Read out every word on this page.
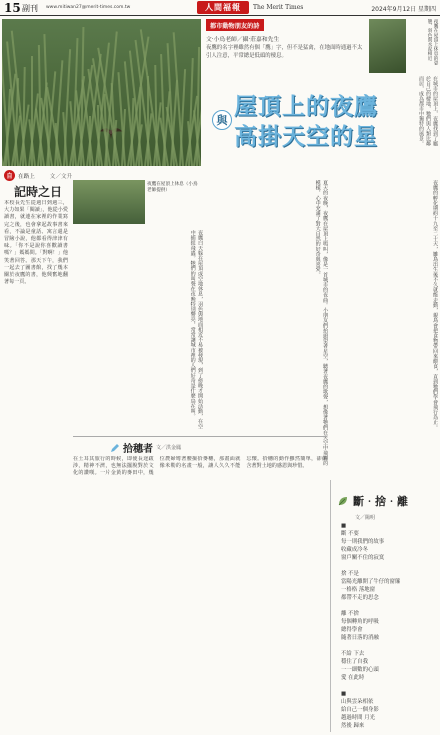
15 副刊 www.mitiwan27@merit-times.com.tw	人間福報 The Merit Times	2024年9月12日 星期四
都市動物朋友的詩
文‧小鳥老師／攝‧莊嘉和先生
夜鷹的名字裡雖然有個「鷹」字，但不是猛禽，在地面時通過不太引人注意，平常總是低頭的棲息。
與
屋頂上的夜鷹
高掛天空的星
夜鷹在屋頂上休息的姿態，羽色與水泥相近
在城市的屋頂上，夜鷹找到了屬於自己的棲地，牠們與人類比鄰而居，成為都市中獨特的風景。
自 在路上	文／文升
記時之日
本校長先生從週日到週三，大力如果「閱讀」，他從小愛讀書，就連在家裡的作業寫完之後，也會拿起故事書來看，不論是童話、寓言還是冒險小說，他都看得津津有味。「你不是說你喜歡讀書嗎？」媽媽問。「對啊！」他笑著回答。那天下午，我們一起去了圖書館，找了幾本關於夜鷹的書，他興奮地翻著每一頁。
夜鷹在屋頂上休息（小鳥老師提供）
夜鷹白天躲在屋頂或空地休息，羽色與地面相近不易被發現，到了傍晚才開始活動，在空中捕捉飛蟲。牠們的叫聲在夜晚特別響亮，常常讓城市裡的人們好奇是什麼鳥在叫。	夏天的夜晚，夜鷹在屋頂上鳴叫，像是一首城市的夜曲。小朋友們抬頭望著星空，聽著夜鷹的歌聲，想像著牠們在天空中飛翔的模樣，心中充滿了對大自然的好奇與喜愛。	夜鷹的孵化期約十九至二十天，雛鳥出生後不久就能走動，親鳥會把食物帶回來餵食，直到牠們學會飛行為止。
拾穗者 文／洪金鳳
在土耳其旅行的時候，即使長途跋涉，精神不濟，也無法擺脫對於文化的讚嘆。一片金黃的麥田中，幾位農婦彎著腰撿拾麥穗，那畫面就像米勒的名畫一般，讓人久久不能忘懷。拾穗的動作雖然簡單，卻蘊含著對土地的感恩與珍惜。
斷‧捨‧離
文／陽明
■
斷 不要
每一則我們的故事
收藏成冷冬
窗戶關不住的寂寞

捨 不是
當陽光離開了牛仔的窗簾
一格格 落地窗
都帶不走的思念

離 不捨
每個轉角的呼吸
總得學會
隨著日落的消融

不給 下去
穩住了自我
一一細數的心頭
愛 在此時

■
山與雲朵相依
給自己一個身影
越過時間 月光
然後 歸來
